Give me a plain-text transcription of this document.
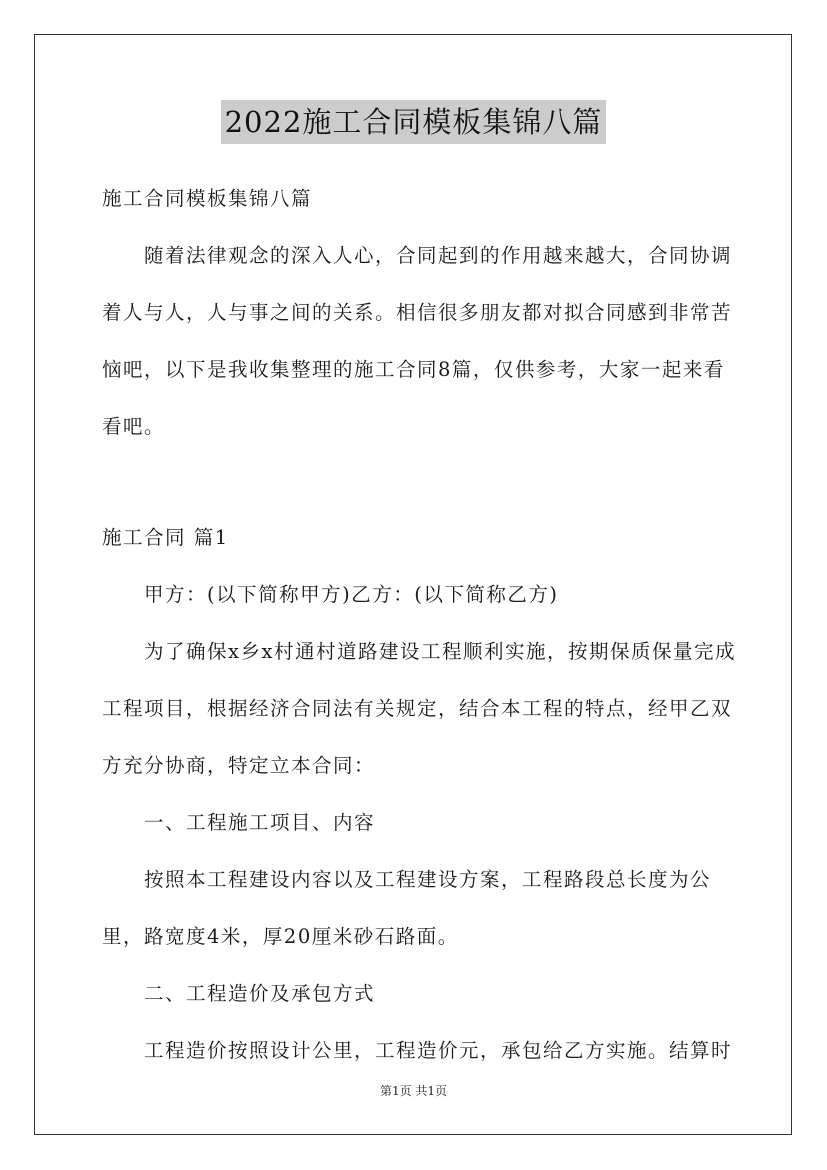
2022施工合同模板集锦八篇

施工合同模板集锦八篇

随着法律观念的深入人心，合同起到的作用越来越大，合同协调着人与人，人与事之间的关系。相信很多朋友都对拟合同感到非常苦恼吧，以下是我收集整理的施工合同8篇，仅供参考，大家一起来看看吧。

施工合同 篇1

甲方：(以下简称甲方)乙方：(以下简称乙方)

为了确保x乡x村通村道路建设工程顺利实施，按期保质保量完成工程项目，根据经济合同法有关规定，结合本工程的特点，经甲乙双方充分协商，特定立本合同：

一、工程施工项目、内容

按照本工程建设内容以及工程建设方案，工程路段总长度为公里，路宽度4米，厚20厘米砂石路面。

二、工程造价及承包方式

工程造价按照设计公里，工程造价元，承包给乙方实施。结算时

第1页 共1页
